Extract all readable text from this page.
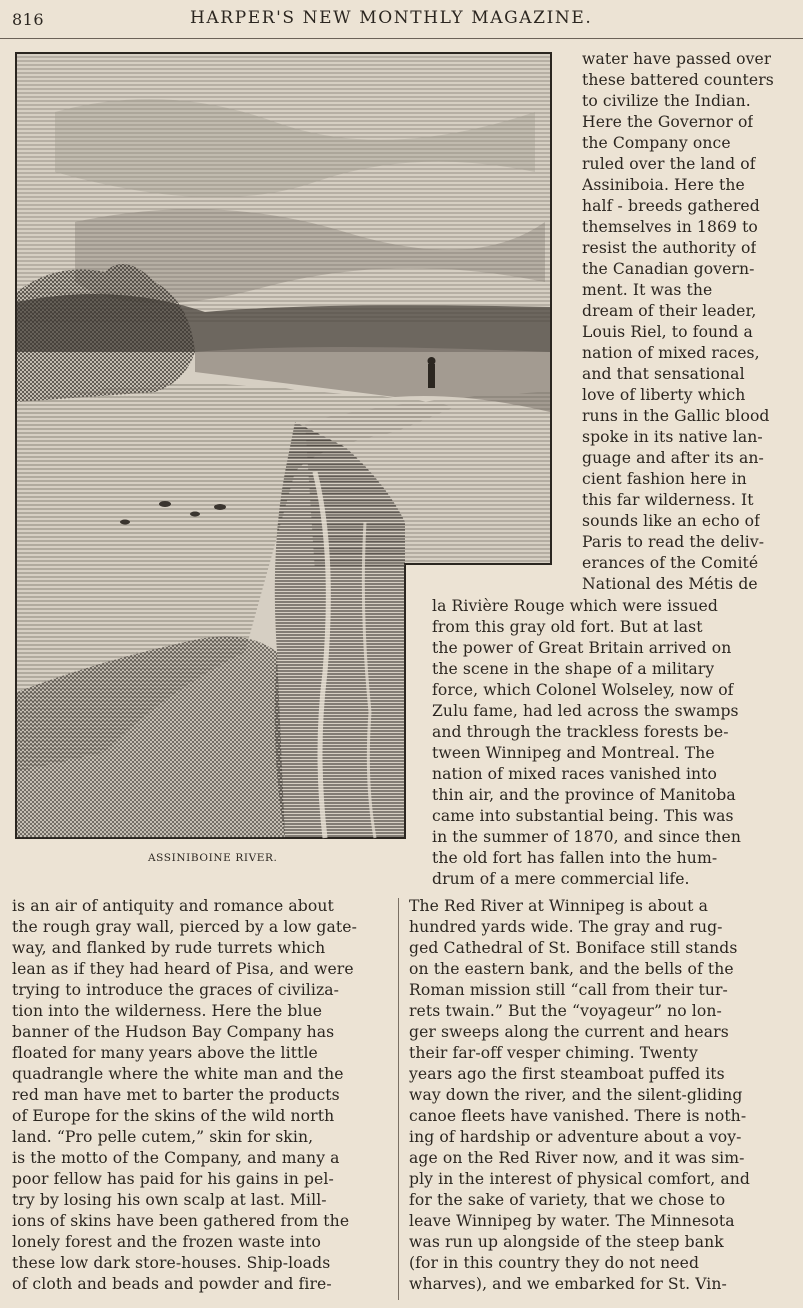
816	HARPER'S NEW MONTHLY MAGAZINE.
ASSINIBOINE RIVER.

water have passed over

these battered counters

to civilize the Indian.

Here the Governor of

the Company once

ruled over the land of

Assiniboia. Here the

half - breeds gathered

themselves in 1869 to

resist the authority of

the Canadian govern-

ment. It was the

dream of their leader,

Louis Riel, to found a

nation of mixed races,

and that sensational

love of liberty which

runs in the Gallic blood

spoke in its native lan-

guage and after its an-

cient fashion here in

this far wilderness. It

sounds like an echo of

Paris to read the deliv-

erances of the Comité

National des Métis de

la Rivière Rouge which were issued

from this gray old fort. But at last

the power of Great Britain arrived on

the scene in the shape of a military

force, which Colonel Wolseley, now of

Zulu fame, had led across the swamps

and through the trackless forests be-

tween Winnipeg and Montreal. The

nation of mixed races vanished into

thin air, and the province of Manitoba

came into substantial being. This was

in the summer of 1870, and since then

the old fort has fallen into the hum-

drum of a mere commercial life.

is an air of antiquity and romance about

the rough gray wall, pierced by a low gate-

way, and flanked by rude turrets which

lean as if they had heard of Pisa, and were

trying to introduce the graces of civiliza-

tion into the wilderness. Here the blue

banner of the Hudson Bay Company has

floated for many years above the little

quadrangle where the white man and the

red man have met to barter the products

of Europe for the skins of the wild north

land. “Pro pelle cutem,” skin for skin,

is the motto of the Company, and many a

poor fellow has paid for his gains in pel-

try by losing his own scalp at last. Mill-

ions of skins have been gathered from the

lonely forest and the frozen waste into

these low dark store-houses. Ship-loads

of cloth and beads and powder and fire-

The Red River at Winnipeg is about a

hundred yards wide. The gray and rug-

ged Cathedral of St. Boniface still stands

on the eastern bank, and the bells of the

Roman mission still “call from their tur-

rets twain.” But the “voyageur” no lon-

ger sweeps along the current and hears

their far-off vesper chiming. Twenty

years ago the first steamboat puffed its

way down the river, and the silent-gliding

canoe fleets have vanished. There is noth-

ing of hardship or adventure about a voy-

age on the Red River now, and it was sim-

ply in the interest of physical comfort, and

for the sake of variety, that we chose to

leave Winnipeg by water. The Minnesota

was run up alongside of the steep bank

(for in this country they do not need

wharves), and we embarked for St. Vin-
